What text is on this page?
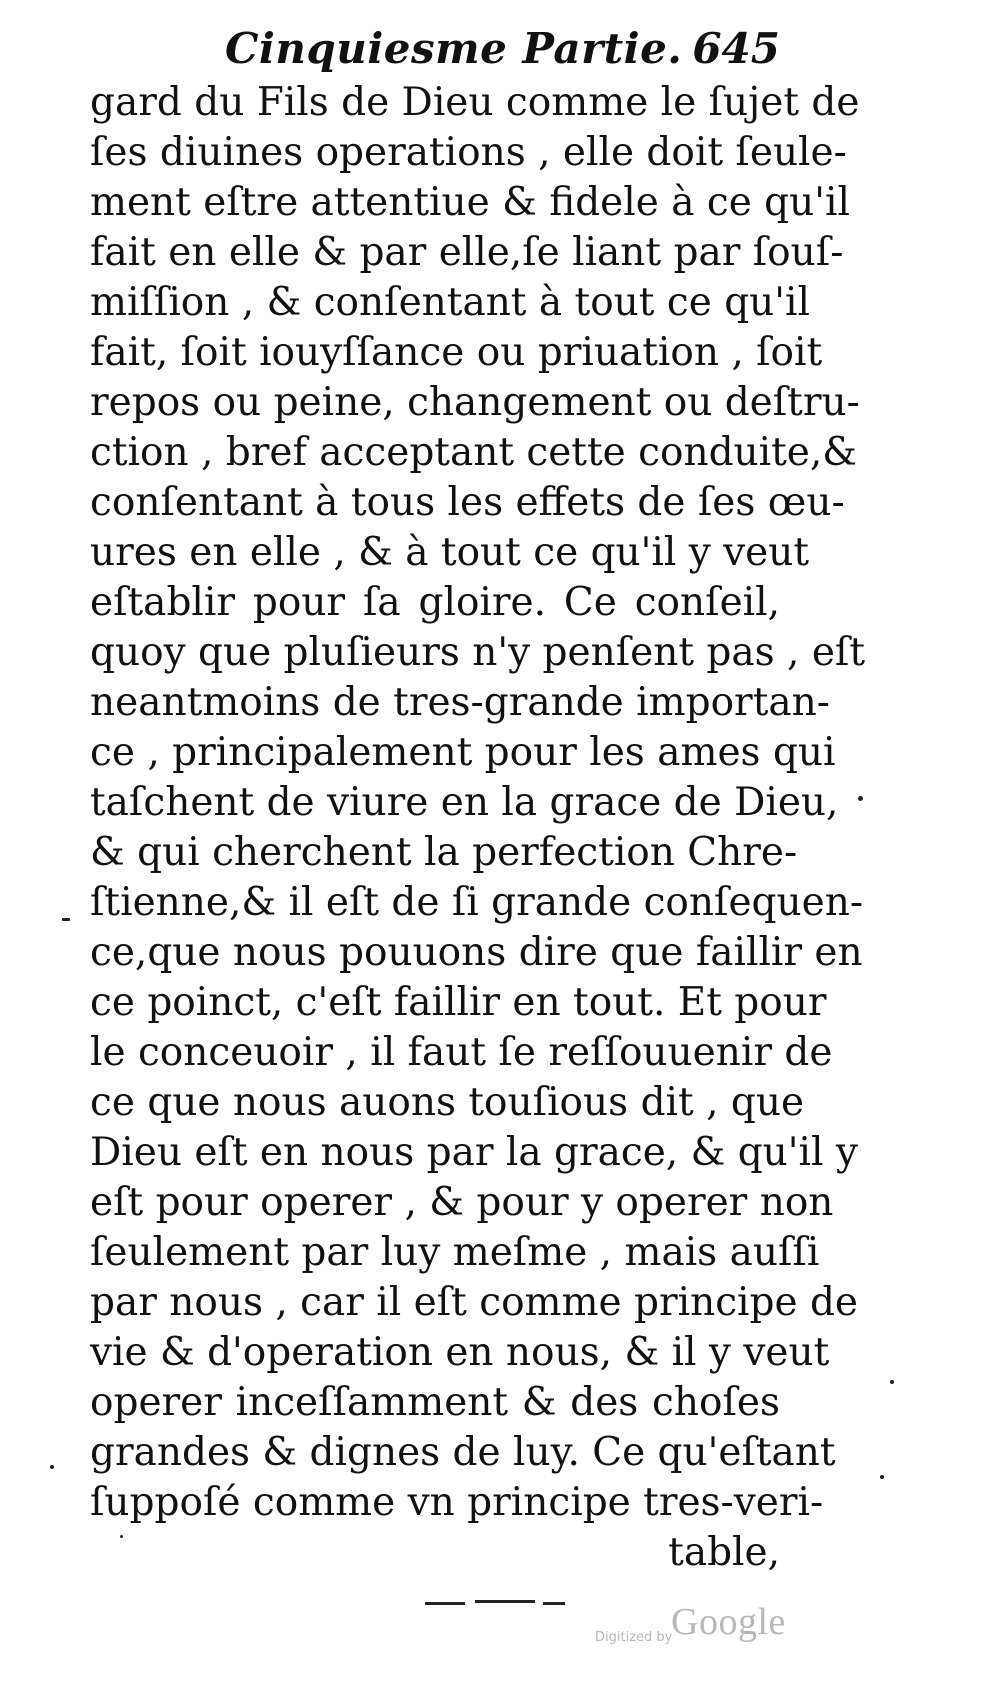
Cinquiesme Partie. 645
gard du Fils de Dieu comme le ſujet de
ſes diuines operations , elle doit ſeule-
ment eſtre attentiue & fidele à ce qu'il
fait en elle & par elle,ſe liant par ſouſ-
miſſion , & conſentant à tout ce qu'il
fait, ſoit iouyſſance ou priuation , ſoit
repos ou peine, changement ou deſtru-
ction , bref acceptant cette conduite,&
conſentant à tous les effets de ſes œu-
ures en elle , & à tout ce qu'il y veut
eſtablir pour ſa gloire. Ce conſeil,
quoy que pluſieurs n'y penſent pas , eſt
neantmoins de tres-grande importan-
ce , principalement pour les ames qui
taſchent de viure en la grace de Dieu,
& qui cherchent la perfection Chre-
ſtienne,& il eſt de ſi grande conſequen-
ce,que nous pouuons dire que faillir en
ce poinct, c'eſt faillir en tout. Et pour
le conceuoir , il faut ſe reſſouuenir de
ce que nous auons touſious dit , que
Dieu eſt en nous par la grace, & qu'il y
eſt pour operer , & pour y operer non
ſeulement par luy meſme , mais auſſi
par nous , car il eſt comme principe de
vie & d'operation en nous, & il y veut
operer inceſſamment & des choſes
grandes & dignes de luy. Ce qu'eſtant
ſuppoſé comme vn principe tres-veri-
table,
Digitized by
Google
